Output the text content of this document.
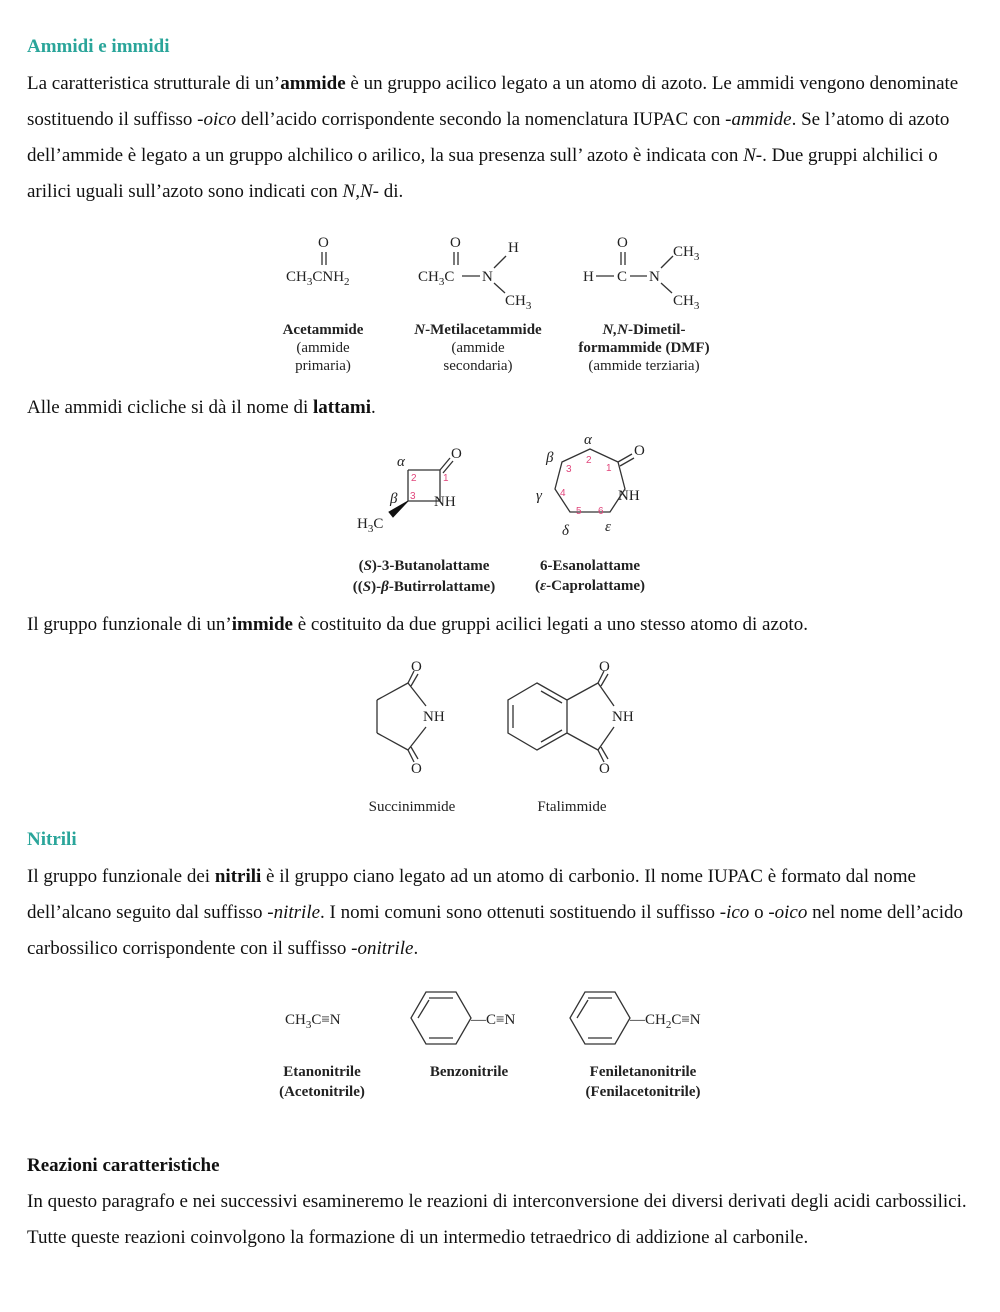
Ammidi e immidi

La caratteristica strutturale di un’ammide è un gruppo acilico legato a un atomo di azoto. Le ammidi vengono denominate sostituendo il suffisso -oico dell’acido corrispondente secondo la nomenclatura IUPAC con -ammide. Se l’atomo di azoto dell’ammide è legato a un gruppo alchilico o arilico, la sua presenza sull’ azoto è indicata con N-. Due gruppi alchilici o arilici uguali sull’azoto sono indicati con N,N- di.

O
$CH_3CNH_2$
Acetammide
(ammide
primaria)
O
$CH_3C$ N
H
$CH_3$
N-Metilacetammide
(ammide
secondaria)
O
H C N
$CH_3$
$CH_3$
N,N-Dimetil-
formammide (DMF)
(ammide terziaria)

Alle ammidi cicliche si dà il nome di lattami.

O
NH
α
β
2	1
3
$H_3C$
(S)-3-Butanolattame
((S)-β-Butirrolattame)
O
NH
α
β
γ
δ ε
1
2
3
4
5 6
6-Esanolattame
(ε-Caprolattame)

Il gruppo funzionale di un’immide è costituito da due gruppi acilici legati a uno stesso atomo di azoto.

O
NH
O
Succinimmide
O
NH
O
Ftalimmide
Nitrili

Il gruppo funzionale dei nitrili è il gruppo ciano legato ad un atomo di carbonio. Il nome IUPAC è formato dal nome dell’alcano seguito dal suffisso -nitrile. I nomi comuni sono ottenuti sostituendo il suffisso -ico o -oico nel nome dell’acido carbossilico corrispondente con il suffisso -onitrile.

$CH_3C\equiv N$
Etanonitrile
(Acetonitrile)
—C≡N
Benzonitrile
$—CH_2C\equiv N$
Feniletanonitrile
(Fenilacetonitrile)
Reazioni caratteristiche

In questo paragrafo e nei successivi esamineremo le reazioni di interconversione dei diversi derivati degli acidi carbossilici. Tutte queste reazioni coinvolgono la formazione di un intermedio tetraedrico di addizione al carbonile.
